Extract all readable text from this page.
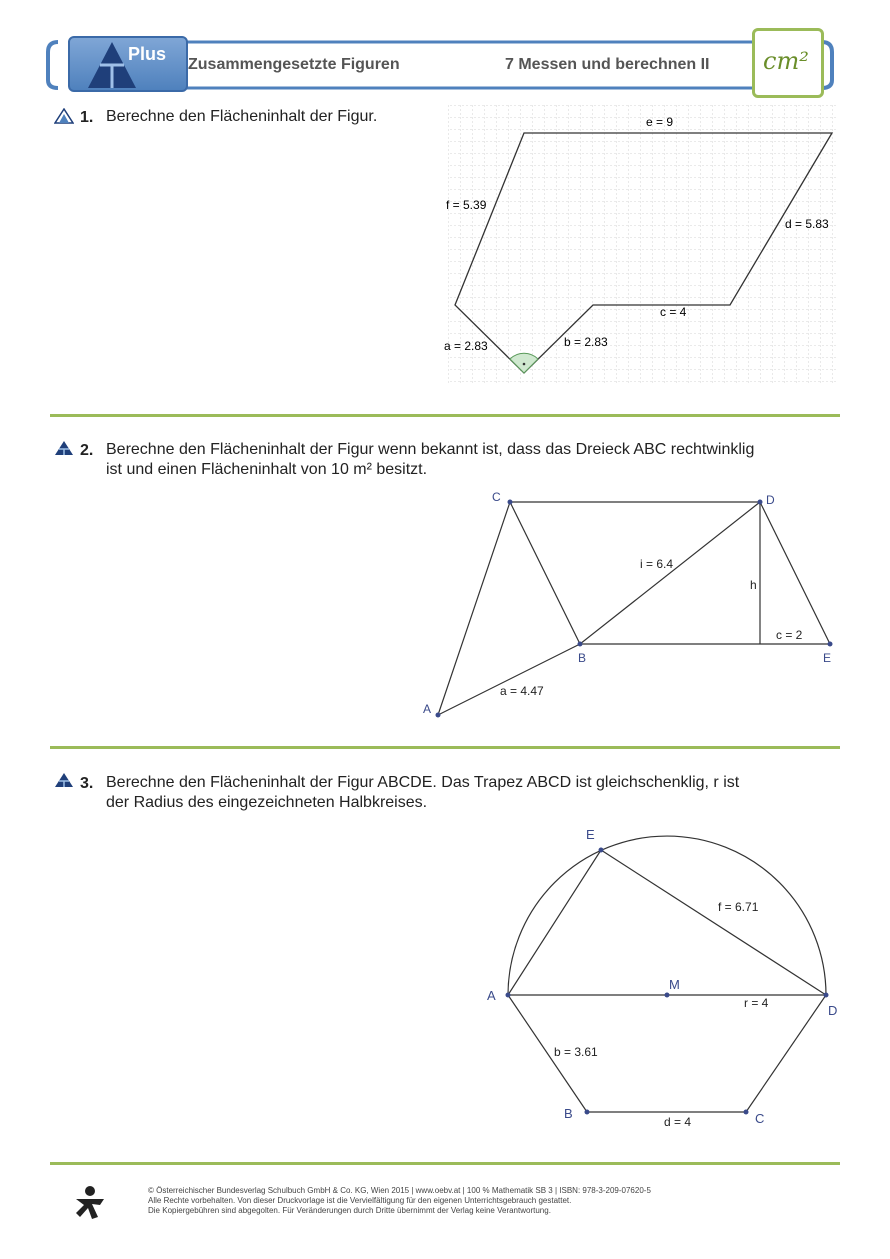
Plus
Zusammengesetzte Figuren	7 Messen und berechnen II cm²
1. Berechne den Flächeninhalt der Figur.	e = 9
f = 5.39
d = 5.83
c = 4
a = 2.83	b = 2.83
2. Berechne den Flächeninhalt der Figur wenn bekannt ist, dass das Dreieck ABC rechtwinklig
ist und einen Flächeninhalt von 10 m² besitzt.
C	D
B	E
A
i = 6.4
h
c = 2
a = 4.47
3. Berechne den Flächeninhalt der Figur ABCDE. Das Trapez ABCD ist gleichschenklig, r ist
der Radius des eingezeichneten Halbkreises.
E
A
M
D
B	C
f = 6.71
r = 4
b = 3.61
d = 4
© Österreichischer Bundesverlag Schulbuch GmbH & Co. KG, Wien 2015 | www.oebv.at | 100 % Mathematik SB 3 | ISBN: 978-3-209-07620-5
Alle Rechte vorbehalten. Von dieser Druckvorlage ist die Vervielfältigung für den eigenen Unterrichtsgebrauch gestattet.
Die Kopiergebühren sind abgegolten. Für Veränderungen durch Dritte übernimmt der Verlag keine Verantwortung.
